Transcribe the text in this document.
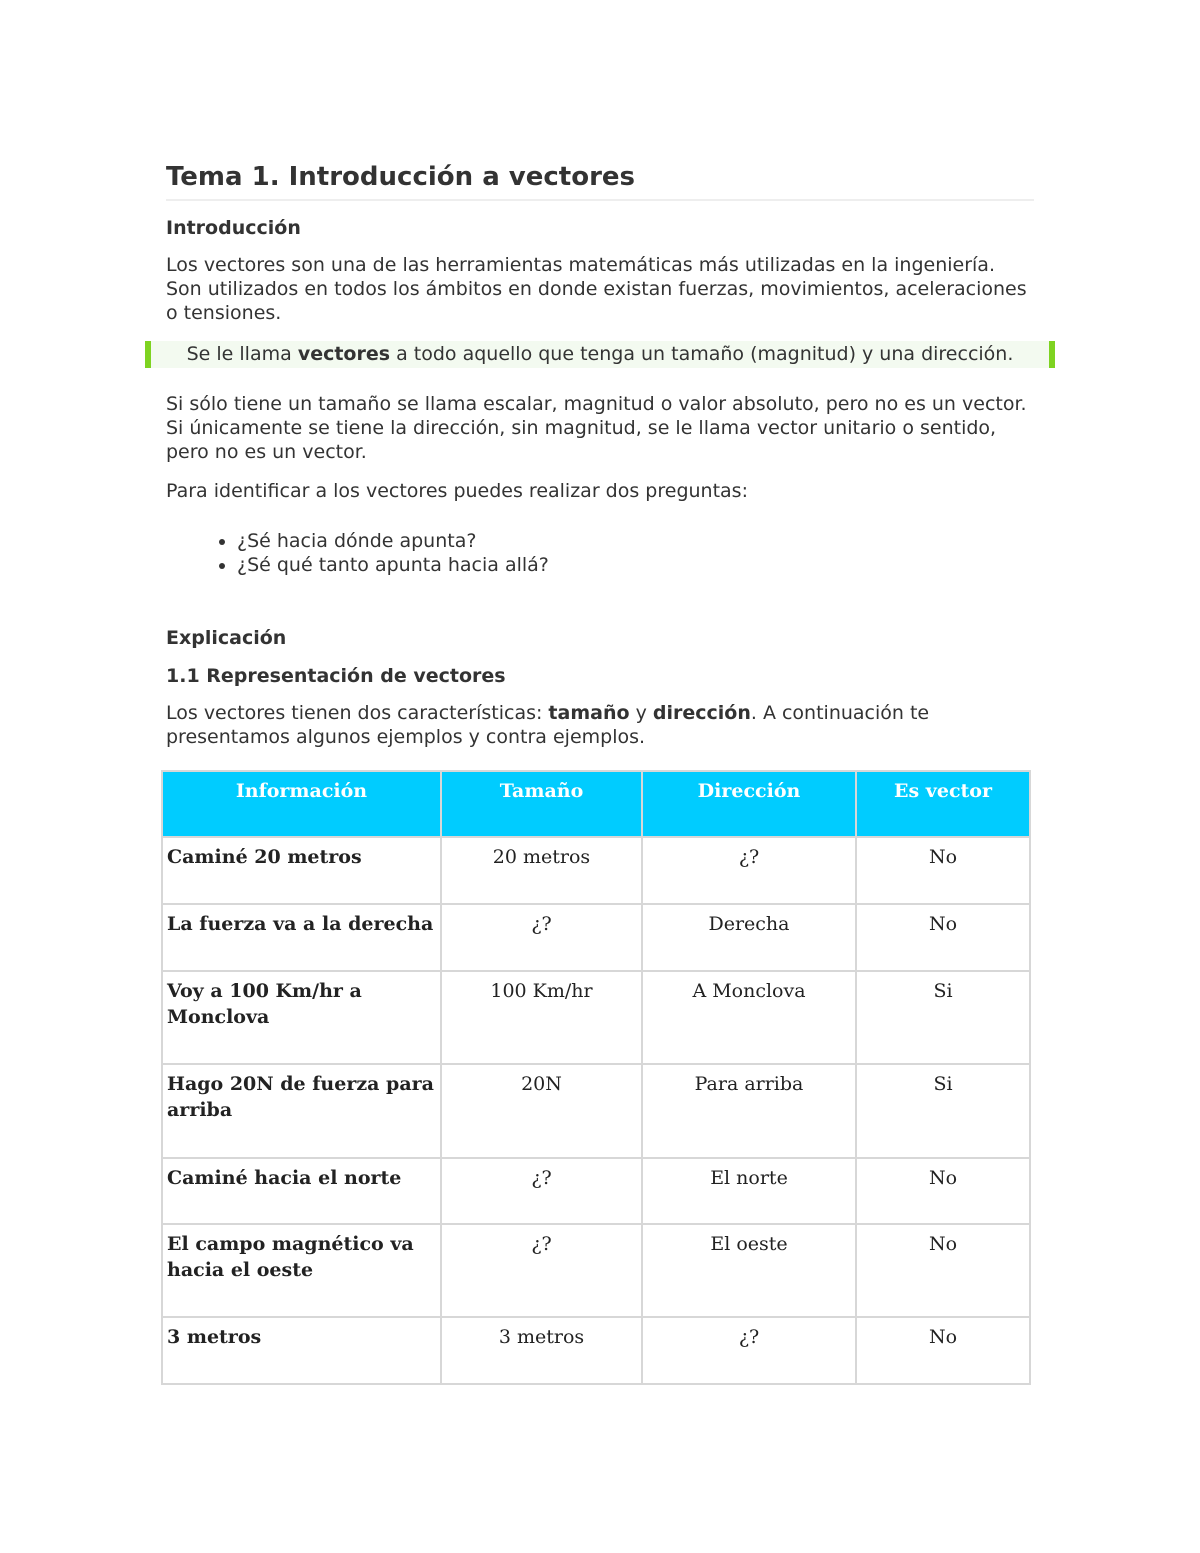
Tema 1. Introducción a vectores
Introducción

Los vectores son una de las herramientas matemáticas más utilizadas en la ingeniería. Son utilizados en todos los ámbitos en donde existan fuerzas, movimientos, aceleraciones o tensiones.

Se le llama vectores a todo aquello que tenga un tamaño (magnitud) y una dirección.

Si sólo tiene un tamaño se llama escalar, magnitud o valor absoluto, pero no es un vector. Si únicamente se tiene la dirección, sin magnitud, se le llama vector unitario o sentido, pero no es un vector.

Para identificar a los vectores puedes realizar dos preguntas:

• ¿Sé hacia dónde apunta?
• ¿Sé qué tanto apunta hacia allá?
Explicación
1.1 Representación de vectores

Los vectores tienen dos características: tamaño y dirección. A continuación te presentamos algunos ejemplos y contra ejemplos.

Información	Tamaño	Dirección	Es vector
Caminé 20 metros	20 metros	¿?	No
La fuerza va a la derecha	¿?	Derecha	No
Voy a 100 Km/hr a Monclova	100 Km/hr	A Monclova	Si
Hago 20N de fuerza para arriba	20N	Para arriba	Si
Caminé hacia el norte	¿?	El norte	No
El campo magnético va hacia el oeste	¿?	El oeste	No
3 metros	3 metros	¿?	No
